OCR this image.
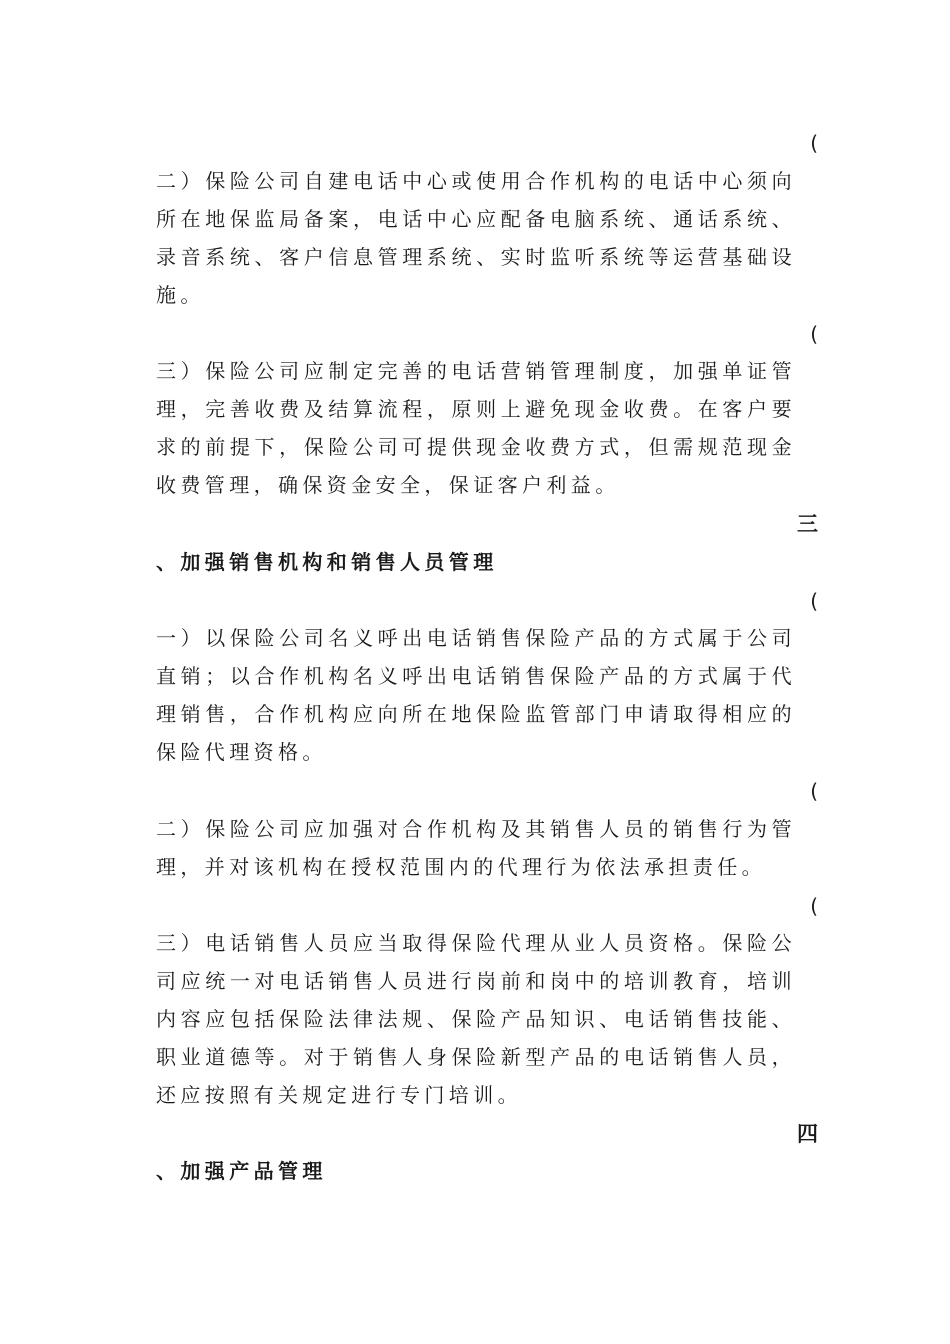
(
二）保险公司自建电话中心或使用合作机构的电话中心须向所在地保监局备案，电话中心应配备电脑系统、通话系统、录音系统、客户信息管理系统、实时监听系统等运营基础设施。
(
三）保险公司应制定完善的电话营销管理制度，加强单证管理，完善收费及结算流程，原则上避免现金收费。在客户要求的前提下，保险公司可提供现金收费方式，但需规范现金收费管理，确保资金安全，保证客户利益。
三
、加强销售机构和销售人员管理
(
一）以保险公司名义呼出电话销售保险产品的方式属于公司直销；以合作机构名义呼出电话销售保险产品的方式属于代理销售，合作机构应向所在地保险监管部门申请取得相应的保险代理资格。
(
二）保险公司应加强对合作机构及其销售人员的销售行为管理，并对该机构在授权范围内的代理行为依法承担责任。
(
三）电话销售人员应当取得保险代理从业人员资格。保险公司应统一对电话销售人员进行岗前和岗中的培训教育，培训内容应包括保险法律法规、保险产品知识、电话销售技能、职业道德等。对于销售人身保险新型产品的电话销售人员，还应按照有关规定进行专门培训。
四
、加强产品管理
